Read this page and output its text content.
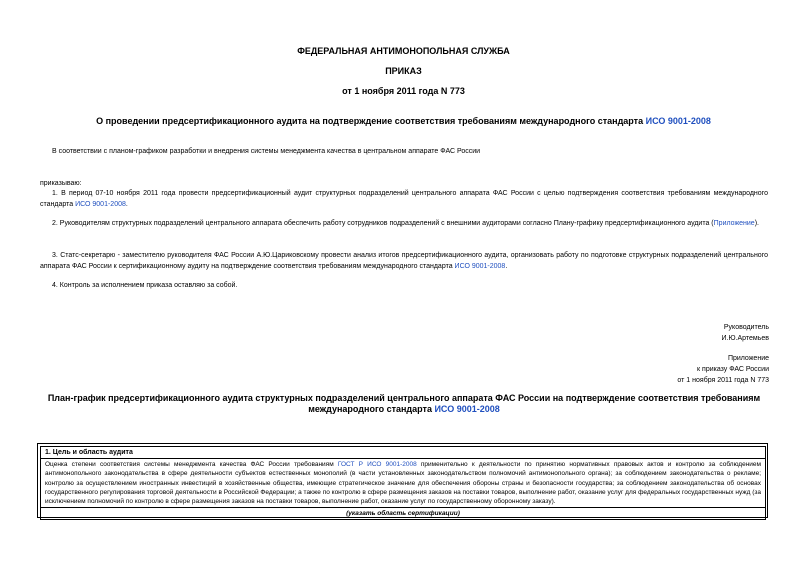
ФЕДЕРАЛЬНАЯ АНТИМОНОПОЛЬНАЯ СЛУЖБА
ПРИКАЗ
от 1 ноября 2011 года N 773
О проведении предсертификационного аудита на подтверждение соответствия требованиям международного стандарта ИСО 9001-2008
В соответствии с планом-графиком разработки и внедрения системы менеджмента качества в центральном аппарате ФАС России
приказываю:
1. В период 07-10 ноября 2011 года провести предсертификационный аудит структурных подразделений центрального аппарата ФАС России с целью подтверждения соответствия требованиям международного стандарта ИСО 9001-2008.
2. Руководителям структурных подразделений центрального аппарата обеспечить работу сотрудников подразделений с внешними аудиторами согласно Плану-графику предсертификационного аудита (Приложение).
3. Статс-секретарю - заместителю руководителя ФАС России А.Ю.Цариковскому провести анализ итогов предсертификационного аудита, организовать работу по подготовке структурных подразделений центрального аппарата ФАС России к сертификационному аудиту на подтверждение соответствия требованиям международного стандарта ИСО 9001-2008.
4. Контроль за исполнением приказа оставляю за собой.
Руководитель
И.Ю.Артемьев
Приложение
к приказу ФАС России
от 1 ноября 2011 года N 773
План-график предсертификационного аудита структурных подразделений центрального аппарата ФАС России на подтверждение соответствия требованиям международного стандарта ИСО 9001-2008
1. Цель и область аудита
Оценка степени соответствия системы менеджмента качества ФАС России требованиям ГОСТ Р ИСО 9001-2008 применительно к деятельности по принятию нормативных правовых актов и контролю за соблюдением антимонопольного законодательства в сфере деятельности субъектов естественных монополий (в части установленных законодательством полномочий антимонопольного органа); за соблюдением законодательства о рекламе; контролю за осуществлением иностранных инвестиций в хозяйственные общества, имеющие стратегическое значение для обеспечения обороны страны и безопасности государства; за соблюдением законодательства об основах государственного регулирования торговой деятельности в Российской Федерации; а также по контролю в сфере размещения заказов на поставки товаров, выполнение работ, оказание услуг для федеральных государственных нужд (за исключением полномочий по контролю в сфере размещения заказов на поставки товаров, выполнение работ, оказание услуг по государственному оборонному заказу).
(указать область сертификации)
